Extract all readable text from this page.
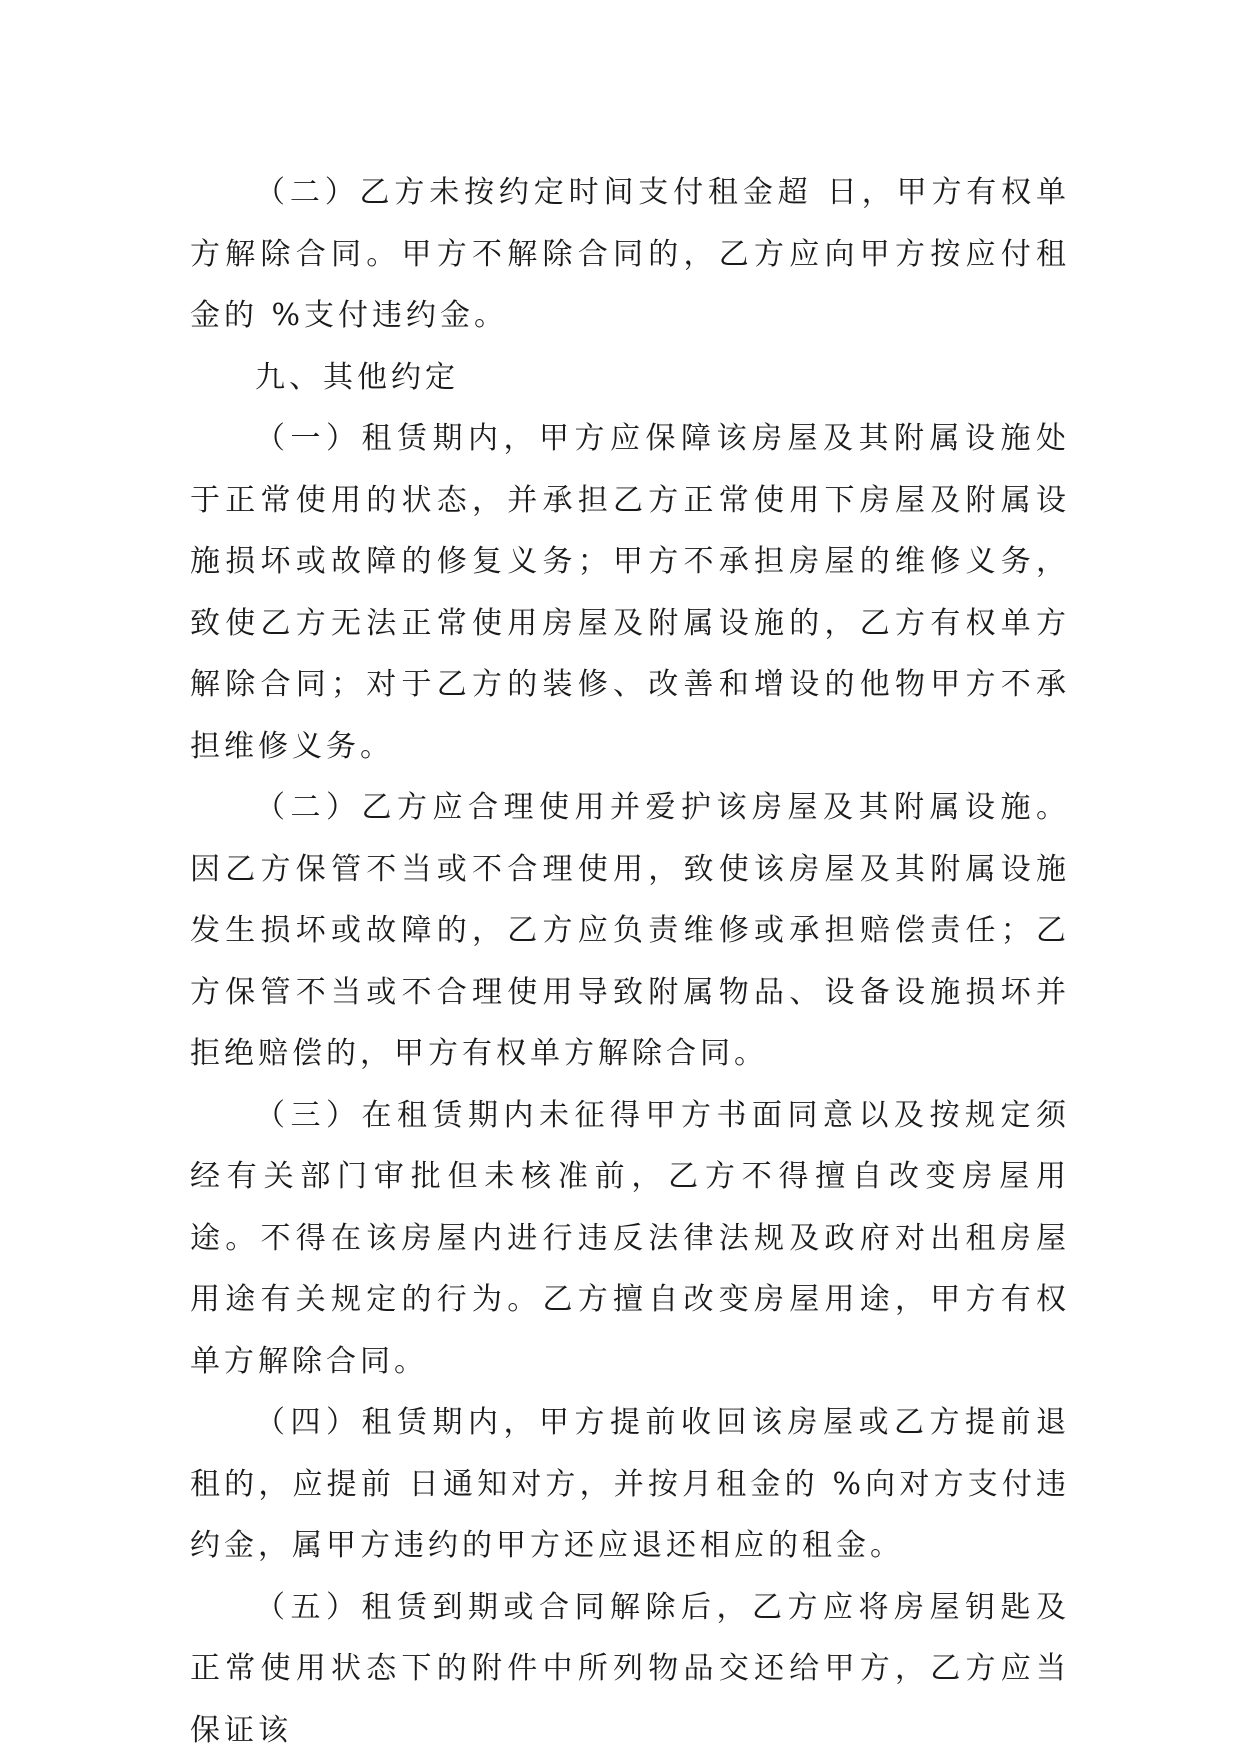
（二）乙方未按约定时间支付租金超 日，甲方有权单方解除合同。甲方不解除合同的，乙方应向甲方按应付租金的 %支付违约金。

九、其他约定

（一）租赁期内，甲方应保障该房屋及其附属设施处于正常使用的状态，并承担乙方正常使用下房屋及附属设施损坏或故障的修复义务；甲方不承担房屋的维修义务，致使乙方无法正常使用房屋及附属设施的，乙方有权单方解除合同；对于乙方的装修、改善和增设的他物甲方不承担维修义务。

（二）乙方应合理使用并爱护该房屋及其附属设施。因乙方保管不当或不合理使用，致使该房屋及其附属设施发生损坏或故障的，乙方应负责维修或承担赔偿责任；乙方保管不当或不合理使用导致附属物品、设备设施损坏并拒绝赔偿的，甲方有权单方解除合同。

（三）在租赁期内未征得甲方书面同意以及按规定须经有关部门审批但未核准前，乙方不得擅自改变房屋用途。不得在该房屋内进行违反法律法规及政府对出租房屋用途有关规定的行为。乙方擅自改变房屋用途，甲方有权单方解除合同。

（四）租赁期内，甲方提前收回该房屋或乙方提前退租的，应提前 日通知对方，并按月租金的 %向对方支付违约金，属甲方违约的甲方还应退还相应的租金。

（五）租赁到期或合同解除后，乙方应将房屋钥匙及正常使用状态下的附件中所列物品交还给甲方，乙方应当保证该
